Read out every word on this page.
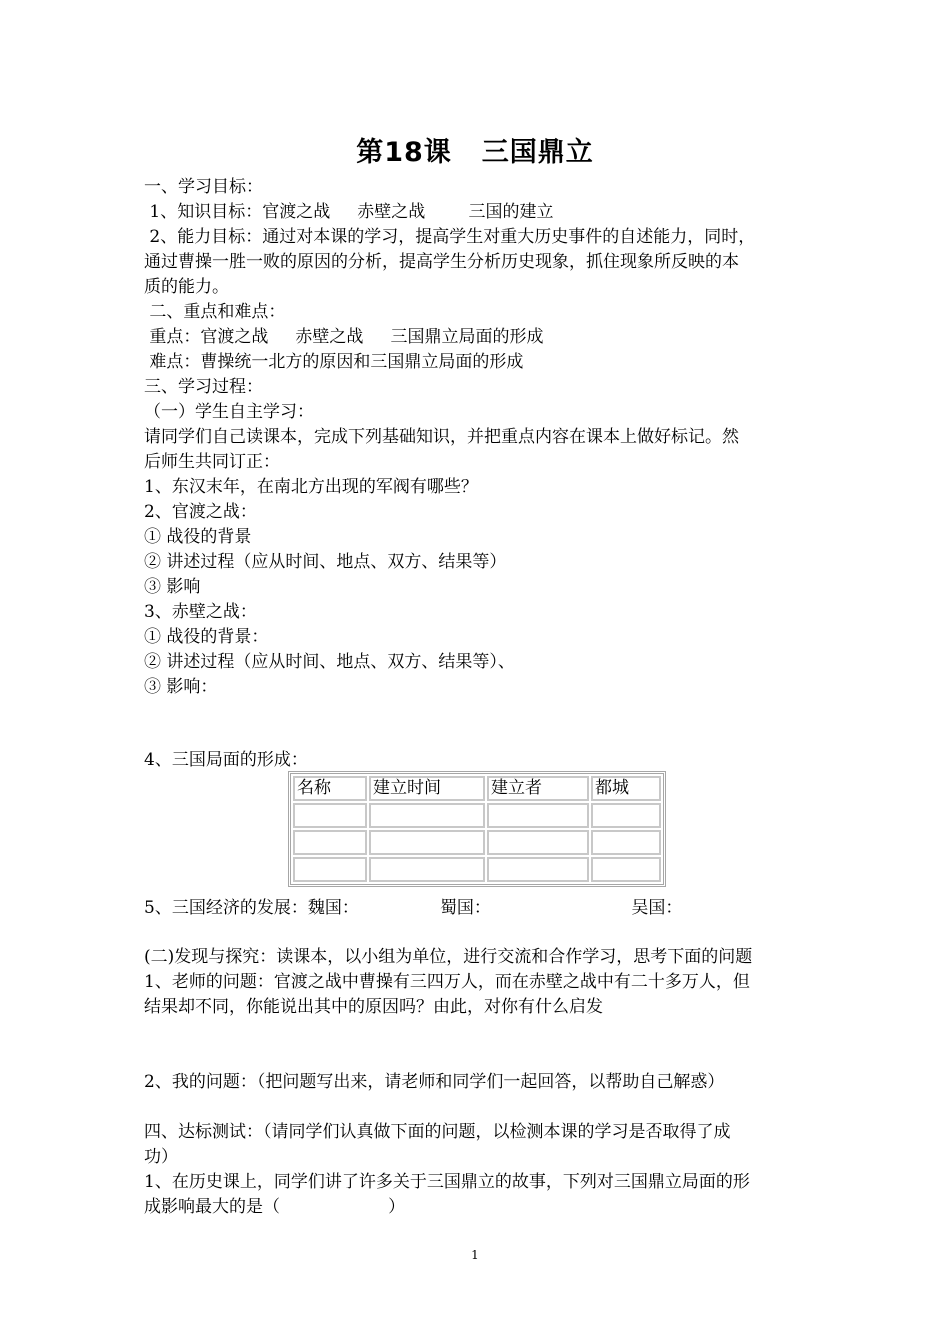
第18课 三国鼎立
一、学习目标：
1、知识目标：官渡之战     赤壁之战        三国的建立
2、能力目标：通过对本课的学习，提高学生对重大历史事件的自述能力，同时，
通过曹操一胜一败的原因的分析，提高学生分析历史现象，抓住现象所反映的本
质的能力。
二、重点和难点：
重点：官渡之战     赤壁之战     三国鼎立局面的形成
难点：曹操统一北方的原因和三国鼎立局面的形成
三、学习过程：
（一）学生自主学习：
请同学们自己读课本，完成下列基础知识，并把重点内容在课本上做好标记。然
后师生共同订正：
1、东汉末年，在南北方出现的军阀有哪些？
2、官渡之战：
① 战役的背景
② 讲述过程（应从时间、地点、双方、结果等）
③ 影响
3、赤壁之战：
① 战役的背景：
② 讲述过程（应从时间、地点、双方、结果等）、
③ 影响：
4、三国局面的形成：
名称	建立时间	建立者	都城

5、三国经济的发展：魏国：               蜀国：                          吴国：
(二)发现与探究：读课本，以小组为单位，进行交流和合作学习，思考下面的问题
1、老师的问题：官渡之战中曹操有三四万人，而在赤壁之战中有二十多万人，但
结果却不同，你能说出其中的原因吗？由此，对你有什么启发
2、我的问题：（把问题写出来，请老师和同学们一起回答，以帮助自己解惑）
四、达标测试：（请同学们认真做下面的问题，以检测本课的学习是否取得了成
功）
1、在历史课上，同学们讲了许多关于三国鼎立的故事，下列对三国鼎立局面的形
成影响最大的是（                    ）
1
